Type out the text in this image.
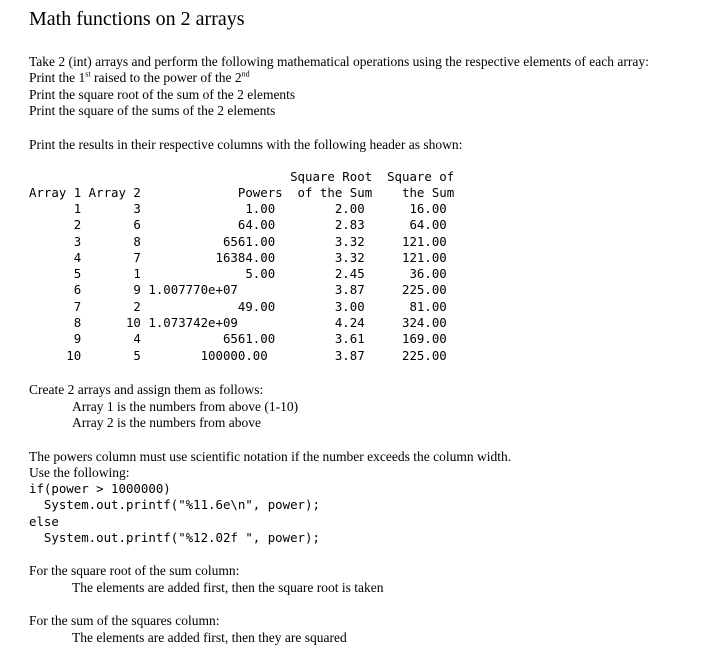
Math functions on 2 arrays
Take 2 (int) arrays and perform the following mathematical operations using the respective elements of each array:
Print the 1st raised to the power of the 2nd
Print the square root of the sum of the 2 elements
Print the square of the sums of the 2 elements
Print the results in their respective columns with the following header as shown:
Square Root  Square of
Array 1 Array 2             Powers  of the Sum    the Sum
1       3              1.00        2.00      16.00
2       6             64.00        2.83      64.00
3       8           6561.00        3.32     121.00
4       7          16384.00        3.32     121.00
5       1              5.00        2.45      36.00
6       9 1.007770e+07             3.87     225.00
7       2             49.00        3.00      81.00
8      10 1.073742e+09             4.24     324.00
9       4           6561.00        3.61     169.00
10       5        100000.00         3.87     225.00
Create 2 arrays and assign them as follows:
Array 1 is the numbers from above (1-10)
Array 2 is the numbers from above
The powers column must use scientific notation if the number exceeds the column width.
Use the following:
if(power > 1000000)
System.out.printf("%11.6e\n", power);
else
System.out.printf("%12.02f ", power);
For the square root of the sum column:
The elements are added first, then the square root is taken
For the sum of the squares column:
The elements are added first, then they are squared
